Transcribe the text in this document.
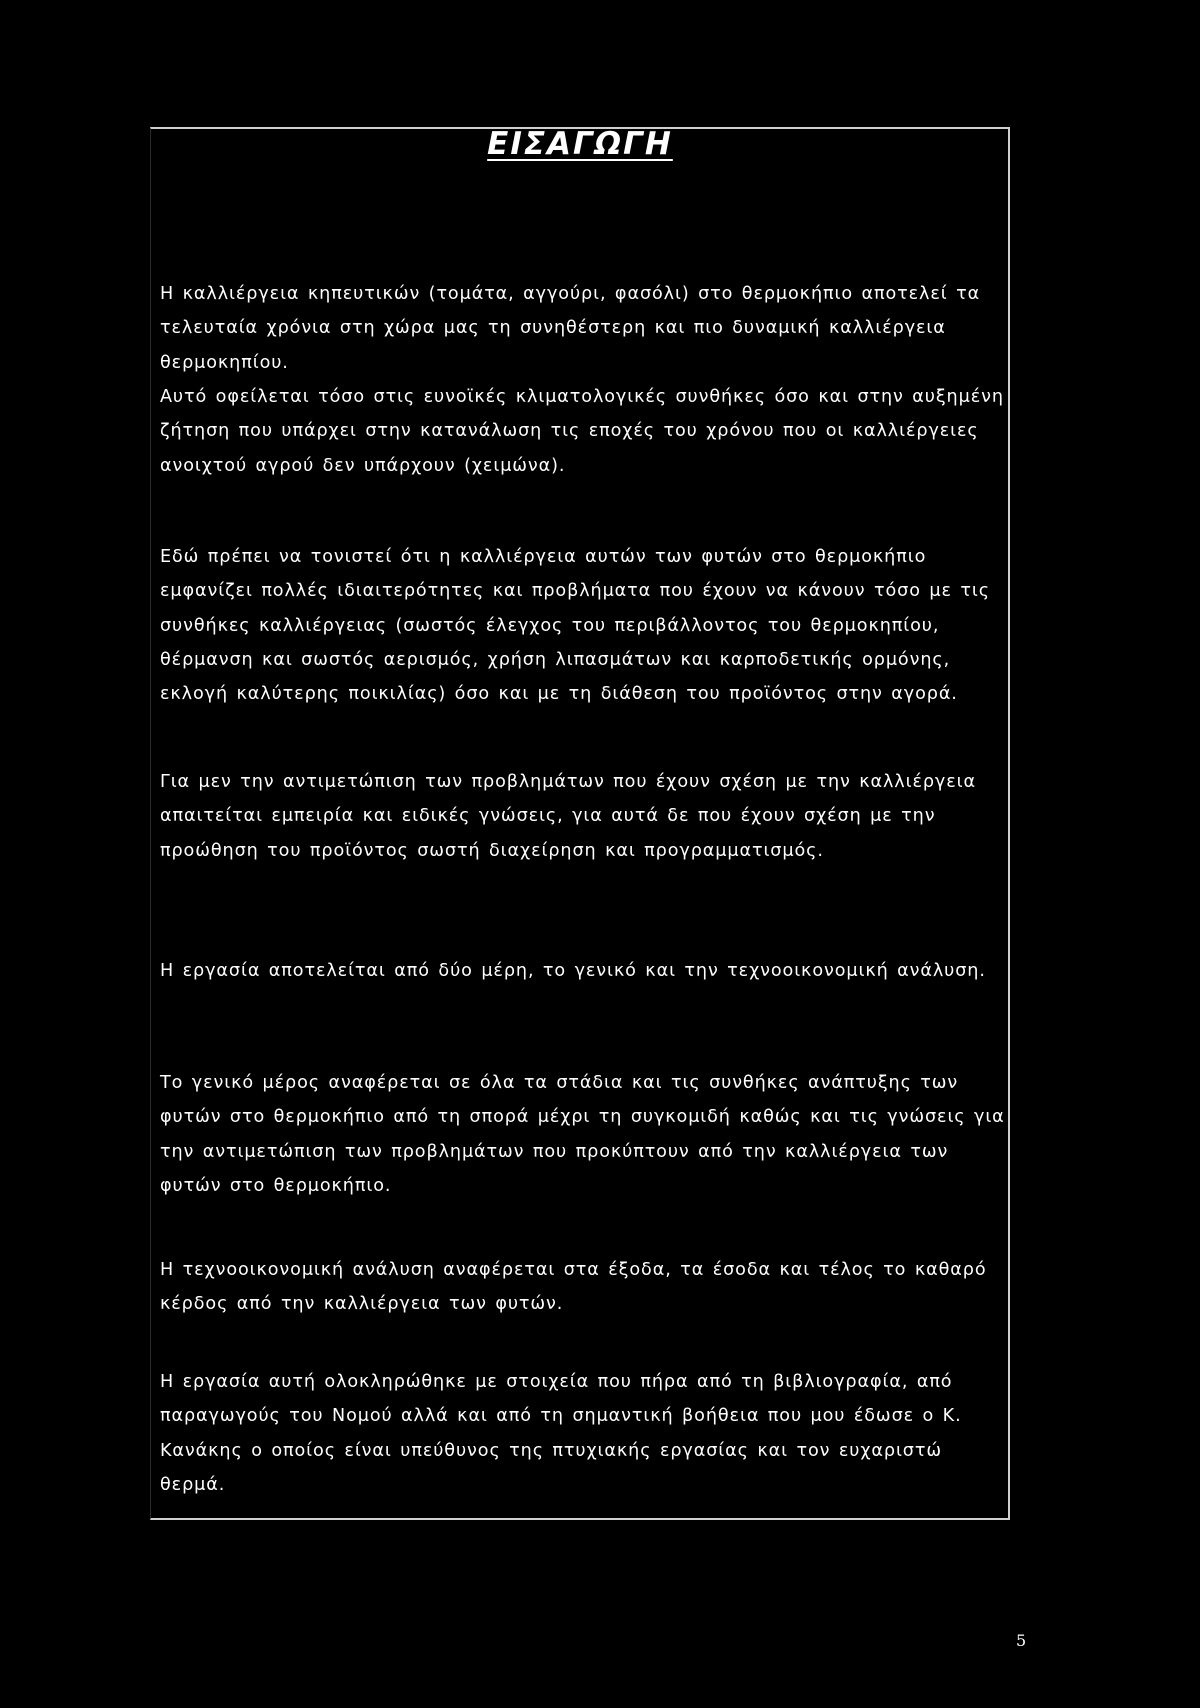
ΕΙΣΑΓΩΓΗ

Η καλλιέργεια κηπευτικών (τομάτα, αγγούρι, φασόλι) στο θερμοκήπιο αποτελεί τα τελευταία χρόνια στη χώρα μας τη συνηθέστερη και πιο δυναμική καλλιέργεια θερμοκηπίου.

Αυτό οφείλεται τόσο στις ευνοϊκές κλιματολογικές συνθήκες όσο και στην αυξημένη ζήτηση που υπάρχει στην κατανάλωση τις εποχές του χρόνου που οι καλλιέργειες ανοιχτού αγρού δεν υπάρχουν (χειμώνα).

Εδώ πρέπει να τονιστεί ότι η καλλιέργεια αυτών των φυτών στο θερμοκήπιο εμφανίζει πολλές ιδιαιτερότητες και προβλήματα που έχουν να κάνουν τόσο με τις συνθήκες καλλιέργειας (σωστός έλεγχος του περιβάλλοντος του θερμοκηπίου, θέρμανση και σωστός αερισμός, χρήση λιπασμάτων και καρποδετικής ορμόνης, εκλογή καλύτερης ποικιλίας) όσο και με τη διάθεση του προϊόντος στην αγορά.

Για μεν την αντιμετώπιση των προβλημάτων που έχουν σχέση με την καλλιέργεια απαιτείται εμπειρία και ειδικές γνώσεις, για αυτά δε που έχουν σχέση με την προώθηση του προϊόντος σωστή διαχείρηση και προγραμματισμός.

Η εργασία αποτελείται από δύο μέρη, το γενικό και την τεχνοοικονομική ανάλυση.

Το γενικό μέρος αναφέρεται σε όλα τα στάδια και τις συνθήκες ανάπτυξης των φυτών στο θερμοκήπιο από τη σπορά μέχρι τη συγκομιδή καθώς και τις γνώσεις για την αντιμετώπιση των προβλημάτων που προκύπτουν από την καλλιέργεια των φυτών στο θερμοκήπιο.

Η τεχνοοικονομική ανάλυση αναφέρεται στα έξοδα, τα έσοδα και τέλος το καθαρό κέρδος από την καλλιέργεια των φυτών.

Η εργασία αυτή ολοκληρώθηκε με στοιχεία που πήρα από τη βιβλιογραφία, από παραγωγούς του Νομού αλλά και από τη σημαντική βοήθεια που μου έδωσε ο Κ. Κανάκης ο οποίος είναι υπεύθυνος της πτυχιακής εργασίας και τον ευχαριστώ θερμά.

5
